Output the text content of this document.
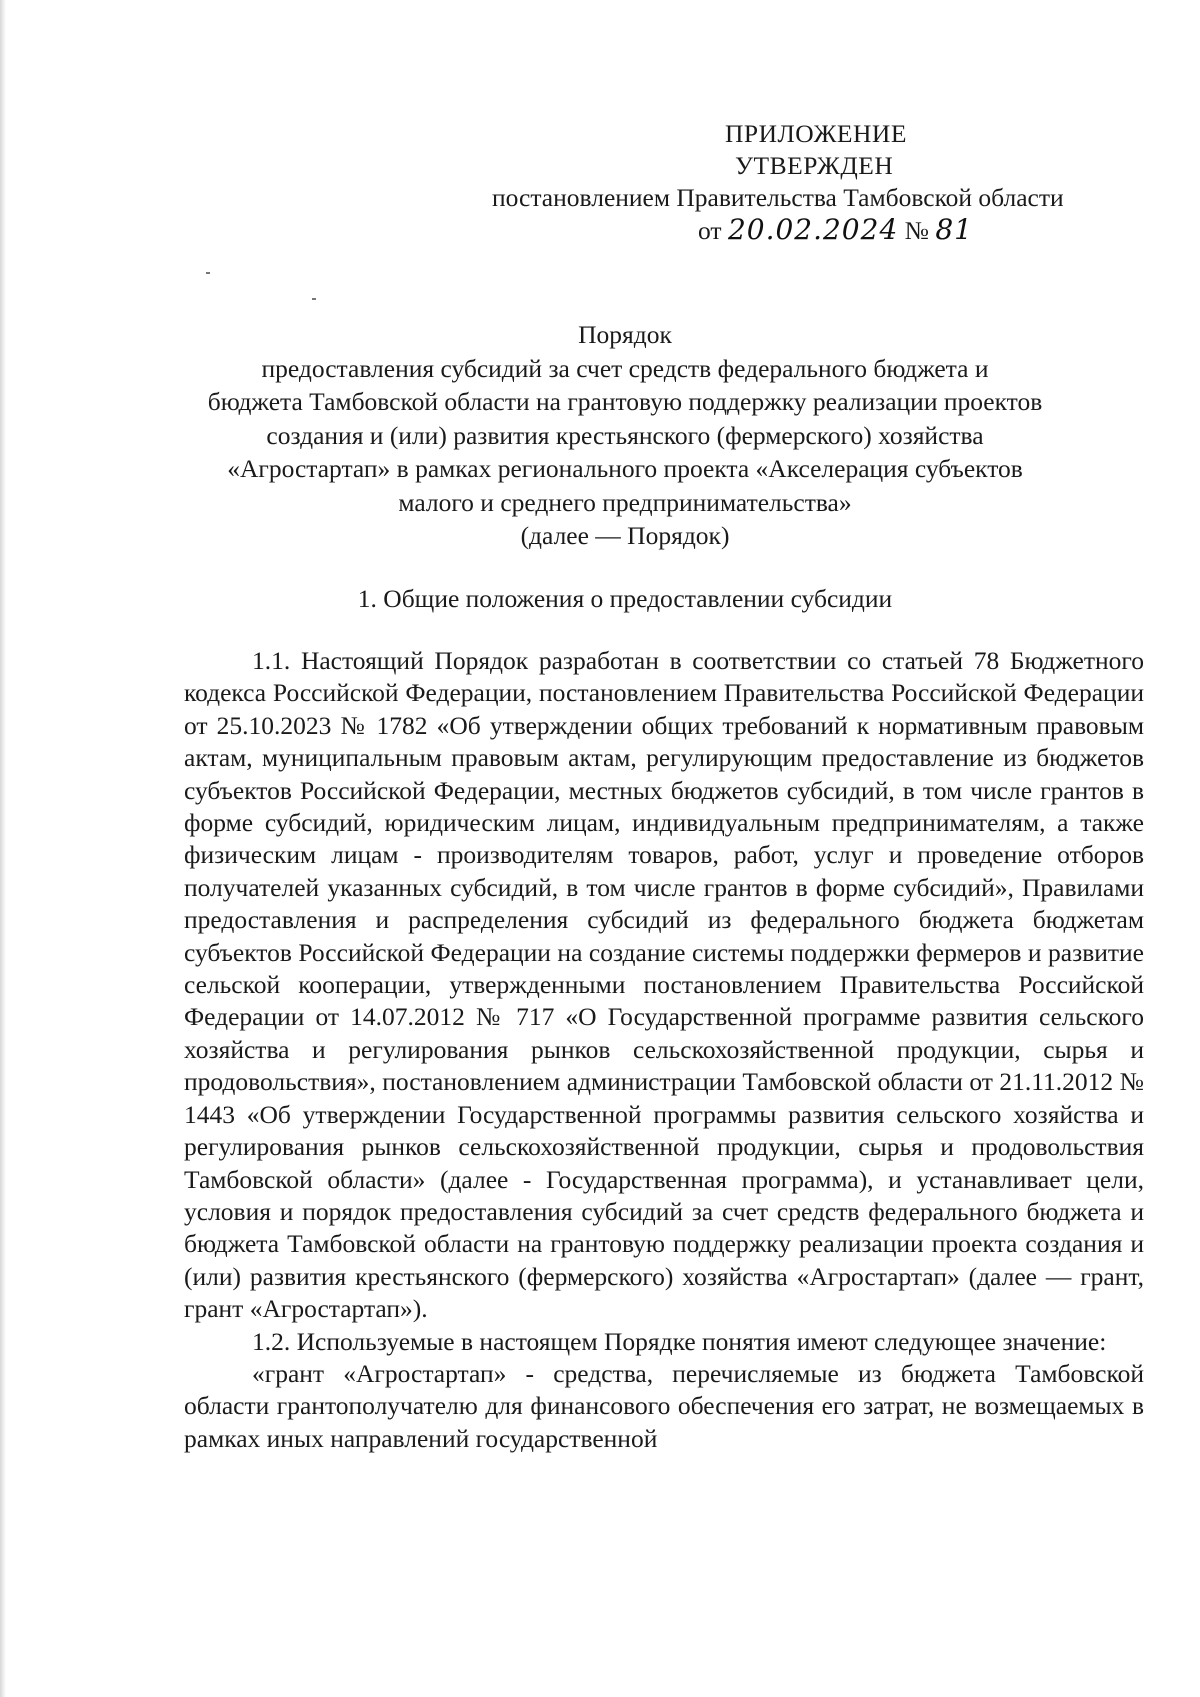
ПРИЛОЖЕНИЕ
УТВЕРЖДЕН
постановлением Правительства Тамбовской области
от 20.02.2024 № 81

Порядок

предоставления субсидий за счет средств федерального бюджета и

бюджета Тамбовской области на грантовую поддержку реализации проектов

создания и (или) развития крестьянского (фермерского) хозяйства

«Агростартап» в рамках регионального проекта «Акселерация субъектов

малого и среднего предпринимательства»

(далее — Порядок)

1. Общие положения о предоставлении субсидии

1.1. Настоящий Порядок разработан в соответствии со статьей 78 Бюджетного кодекса Российской Федерации, постановлением Правительства Российской Федерации от 25.10.2023 № 1782 «Об утверждении общих требований к нормативным правовым актам, муниципальным правовым актам, регулирующим предоставление из бюджетов субъектов Российской Федерации, местных бюджетов субсидий, в том числе грантов в форме субсидий, юридическим лицам, индивидуальным предпринимателям, а также физическим лицам - производителям товаров, работ, услуг и проведение отборов получателей указанных субсидий, в том числе грантов в форме субсидий», Правилами предоставления и распределения субсидий из федерального бюджета бюджетам субъектов Российской Федерации на создание системы поддержки фермеров и развитие сельской кооперации, утвержденными постановлением Правительства Российской Федерации от 14.07.2012 № 717 «О Государственной программе развития сельского хозяйства и регулирования рынков сельскохозяйственной продукции, сырья и продовольствия», постановлением администрации Тамбовской области от 21.11.2012 № 1443 «Об утверждении Государственной программы развития сельского хозяйства и регулирования рынков сельскохозяйственной продукции, сырья и продовольствия Тамбовской области» (далее - Государственная программа), и устанавливает цели, условия и порядок предоставления субсидий за счет средств федерального бюджета и бюджета Тамбовской области на грантовую поддержку реализации проекта создания и (или) развития крестьянского (фермерского) хозяйства «Агростартап» (далее — грант, грант «Агростартап»).

1.2. Используемые в настоящем Порядке понятия имеют следующее значение:

«грант «Агростартап» - средства, перечисляемые из бюджета Тамбовской области грантополучателю для финансового обеспечения его затрат, не возмещаемых в рамках иных направлений государственной
